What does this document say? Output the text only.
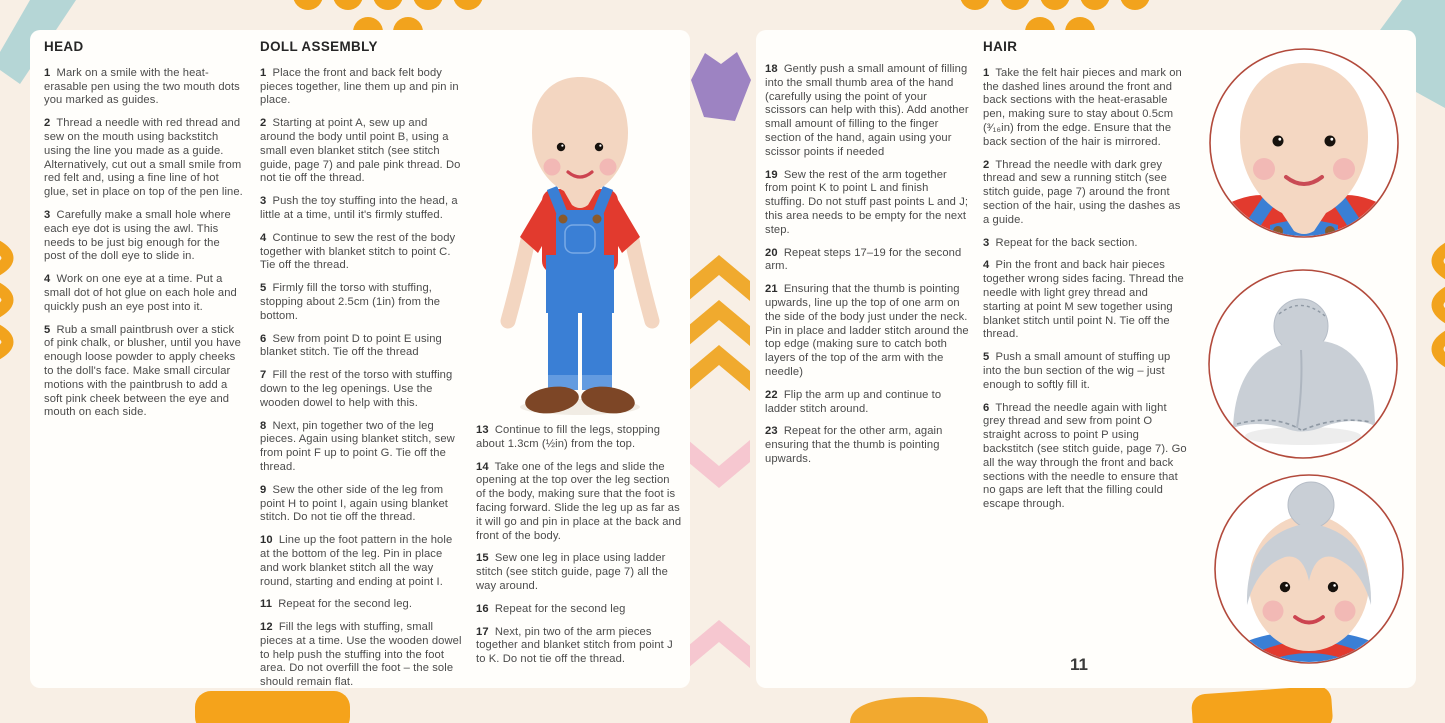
HEAD

1 Mark on a smile with the heat-erasable pen using the two mouth dots you marked as guides.

2 Thread a needle with red thread and sew on the mouth using backstitch using the line you made as a guide. Alternatively, cut out a small smile from red felt and, using a fine line of hot glue, set in place on top of the pen line.

3 Carefully make a small hole where each eye dot is using the awl. This needs to be just big enough for the post of the doll eye to slide in.

4 Work on one eye at a time. Put a small dot of hot glue on each hole and quickly push an eye post into it.

5 Rub a small paintbrush over a stick of pink chalk, or blusher, until you have enough loose powder to apply cheeks to the doll's face. Make small circular motions with the paintbrush to add a soft pink cheek between the eye and mouth on each side.

DOLL ASSEMBLY

1 Place the front and back felt body pieces together, line them up and pin in place.

2 Starting at point A, sew up and around the body until point B, using a small even blanket stitch (see stitch guide, page 7) and pale pink thread. Do not tie off the thread.

3 Push the toy stuffing into the head, a little at a time, until it's firmly stuffed.

4 Continue to sew the rest of the body together with blanket stitch to point C. Tie off the thread.

5 Firmly fill the torso with stuffing, stopping about 2.5cm (1in) from the bottom.

6 Sew from point D to point E using blanket stitch. Tie off the thread

7 Fill the rest of the torso with stuffing down to the leg openings. Use the wooden dowel to help with this.

8 Next, pin together two of the leg pieces. Again using blanket stitch, sew from point F up to point G. Tie off the thread.

9 Sew the other side of the leg from point H to point I, again using blanket stitch. Do not tie off the thread.

10 Line up the foot pattern in the hole at the bottom of the leg. Pin in place and work blanket stitch all the way round, starting and ending at point I.

11 Repeat for the second leg.

12 Fill the legs with stuffing, small pieces at a time. Use the wooden dowel to help push the stuffing into the foot area. Do not overfill the foot – the sole should remain flat.

13 Continue to fill the legs, stopping about 1.3cm (½in) from the top.

14 Take one of the legs and slide the opening at the top over the leg section of the body, making sure that the foot is facing forward. Slide the leg up as far as it will go and pin in place at the back and front of the body.

15 Sew one leg in place using ladder stitch (see stitch guide, page 7) all the way around.

16 Repeat for the second leg

17 Next, pin two of the arm pieces together and blanket stitch from point J to K. Do not tie off the thread.

18 Gently push a small amount of filling into the small thumb area of the hand (carefully using the point of your scissors can help with this). Add another small amount of filling to the finger section of the hand, again using your scissor points if needed

19 Sew the rest of the arm together from point K to point L and finish stuffing. Do not stuff past points L and J; this area needs to be empty for the next step.

20 Repeat steps 17–19 for the second arm.

21 Ensuring that the thumb is pointing upwards, line up the top of one arm on the side of the body just under the neck. Pin in place and ladder stitch around the top edge (making sure to catch both layers of the top of the arm with the needle)

22 Flip the arm up and continue to ladder stitch around.

23 Repeat for the other arm, again ensuring that the thumb is pointing upwards.

HAIR

1 Take the felt hair pieces and mark on the dashed lines around the front and back sections with the heat-erasable pen, making sure to stay about 0.5cm (³⁄₁₆in) from the edge. Ensure that the back section of the hair is mirrored.

2 Thread the needle with dark grey thread and sew a running stitch (see stitch guide, page 7) around the front section of the hair, using the dashes as a guide.

3 Repeat for the back section.

4 Pin the front and back hair pieces together wrong sides facing. Thread the needle with light grey thread and starting at point M sew together using blanket stitch until point N. Tie off the thread.

5 Push a small amount of stuffing up into the bun section of the wig – just enough to softly fill it.

6 Thread the needle again with light grey thread and sew from point O straight across to point P using backstitch (see stitch guide, page 7). Go all the way through the front and back sections with the needle to ensure that no gaps are left that the filling could escape through.

11
